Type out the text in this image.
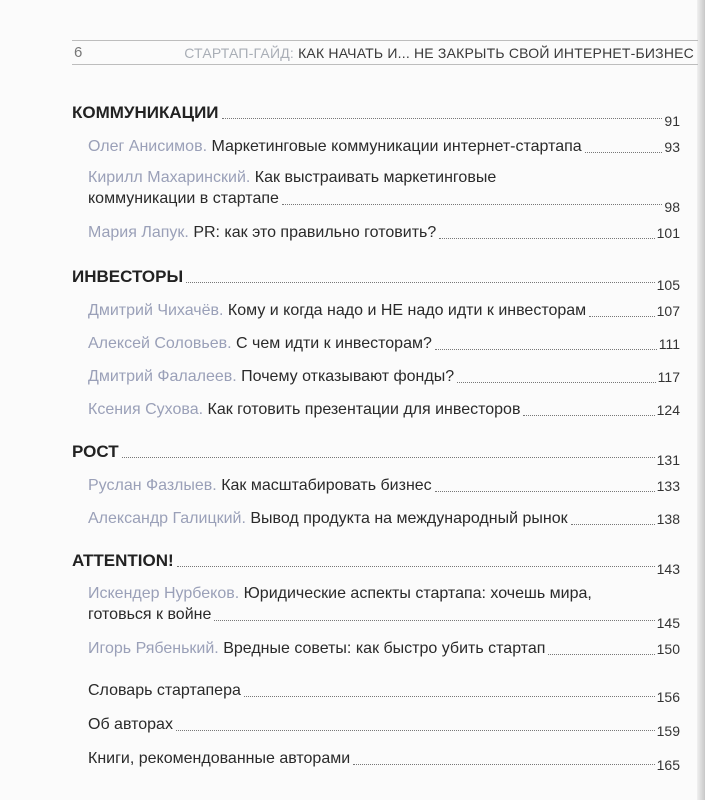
6	СТАРТАП-ГАЙД: КАК НАЧАТЬ И... НЕ ЗАКРЫТЬ СВОЙ ИНТЕРНЕТ-БИЗНЕС
КОММУНИКАЦИИ	91
Олег Анисимов. Маркетинговые коммуникации интернет-стартапа	93
Кирилл Махаринский. Как выстраивать маркетинговые
коммуникации в стартапе	98
Мария Лапук. PR: как это правильно готовить?	101
ИНВЕСТОРЫ	105
Дмитрий Чихачёв. Кому и когда надо и НЕ надо идти к инвесторам	107
Алексей Соловьев. С чем идти к инвесторам?	111
Дмитрий Фалалеев. Почему отказывают фонды?	117
Ксения Сухова. Как готовить презентации для инвесторов	124
РОСТ	131
Руслан Фазлыев. Как масштабировать бизнес	133
Александр Галицкий. Вывод продукта на международный рынок	138
ATTENTION!	143
Искендер Нурбеков. Юридические аспекты стартапа: хочешь мира,
готовься к войне	145
Игорь Рябенький. Вредные советы: как быстро убить стартап	150
Словарь стартапера	156
Об авторах	159
Книги, рекомендованные авторами	165
